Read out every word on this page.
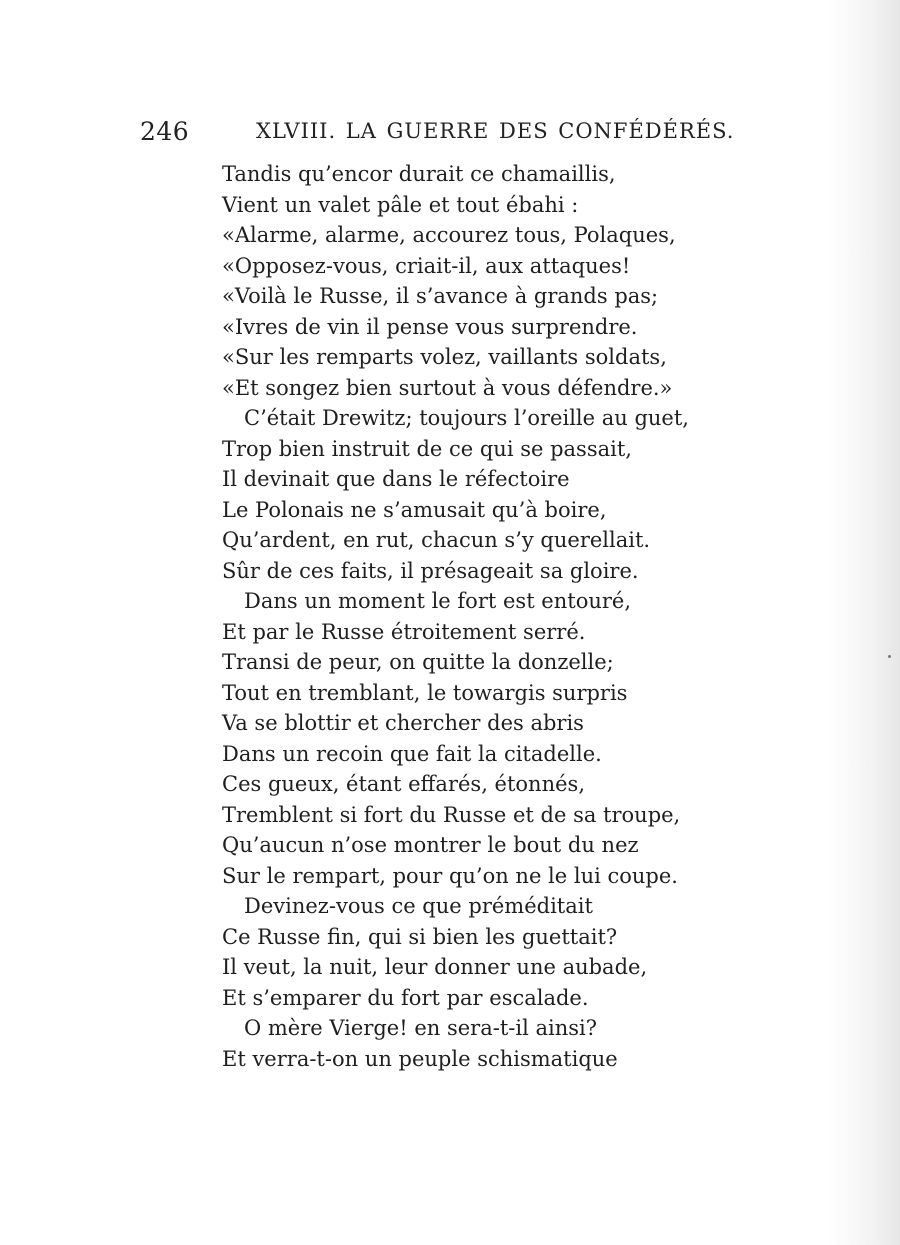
246	XLVIII. LA GUERRE DES CONFÉDÉRÉS.
Tandis qu’encor durait ce chamaillis,
Vient un valet pâle et tout ébahi :
«Alarme, alarme, accourez tous, Polaques,
«Opposez-vous, criait-il, aux attaques!
«Voilà le Russe, il s’avance à grands pas;
«Ivres de vin il pense vous surprendre.
«Sur les remparts volez, vaillants soldats,
«Et songez bien surtout à vous défendre.»
C’était Drewitz; toujours l’oreille au guet,
Trop bien instruit de ce qui se passait,
Il devinait que dans le réfectoire
Le Polonais ne s’amusait qu’à boire,
Qu’ardent, en rut, chacun s’y querellait.
Sûr de ces faits, il présageait sa gloire.
Dans un moment le fort est entouré,
Et par le Russe étroitement serré.
Transi de peur, on quitte la donzelle;
Tout en tremblant, le towargis surpris
Va se blottir et chercher des abris
Dans un recoin que fait la citadelle.
Ces gueux, étant effarés, étonnés,
Tremblent si fort du Russe et de sa troupe,
Qu’aucun n’ose montrer le bout du nez
Sur le rempart, pour qu’on ne le lui coupe.
Devinez-vous ce que préméditait
Ce Russe fin, qui si bien les guettait?
Il veut, la nuit, leur donner une aubade,
Et s’emparer du fort par escalade.
O mère Vierge! en sera-t-il ainsi?
Et verra-t-on un peuple schismatique
